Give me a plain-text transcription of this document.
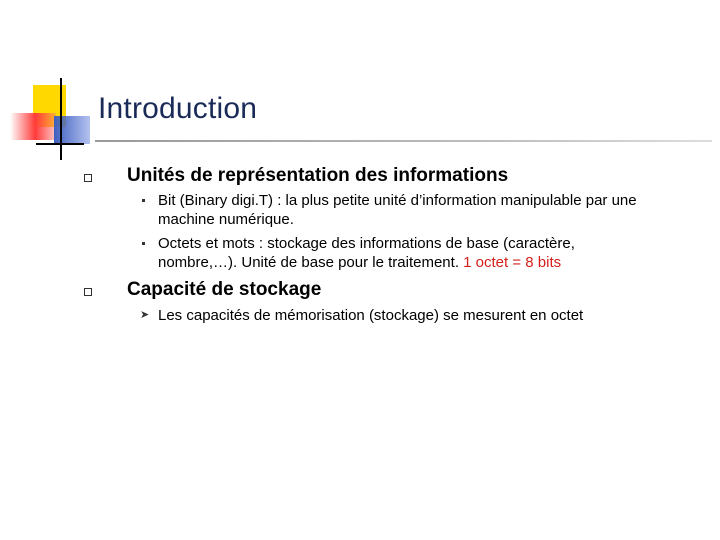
Introduction
Unités de représentation des informations
Bit (Binary digi.T) : la plus petite unité d’information manipulable par une
machine numérique.
Octets et mots : stockage des informations de base (caractère,
nombre,…). Unité de base pour le traitement. 1 octet = 8 bits
Capacité de stockage
➤ Les capacités de mémorisation (stockage) se mesurent en octet
